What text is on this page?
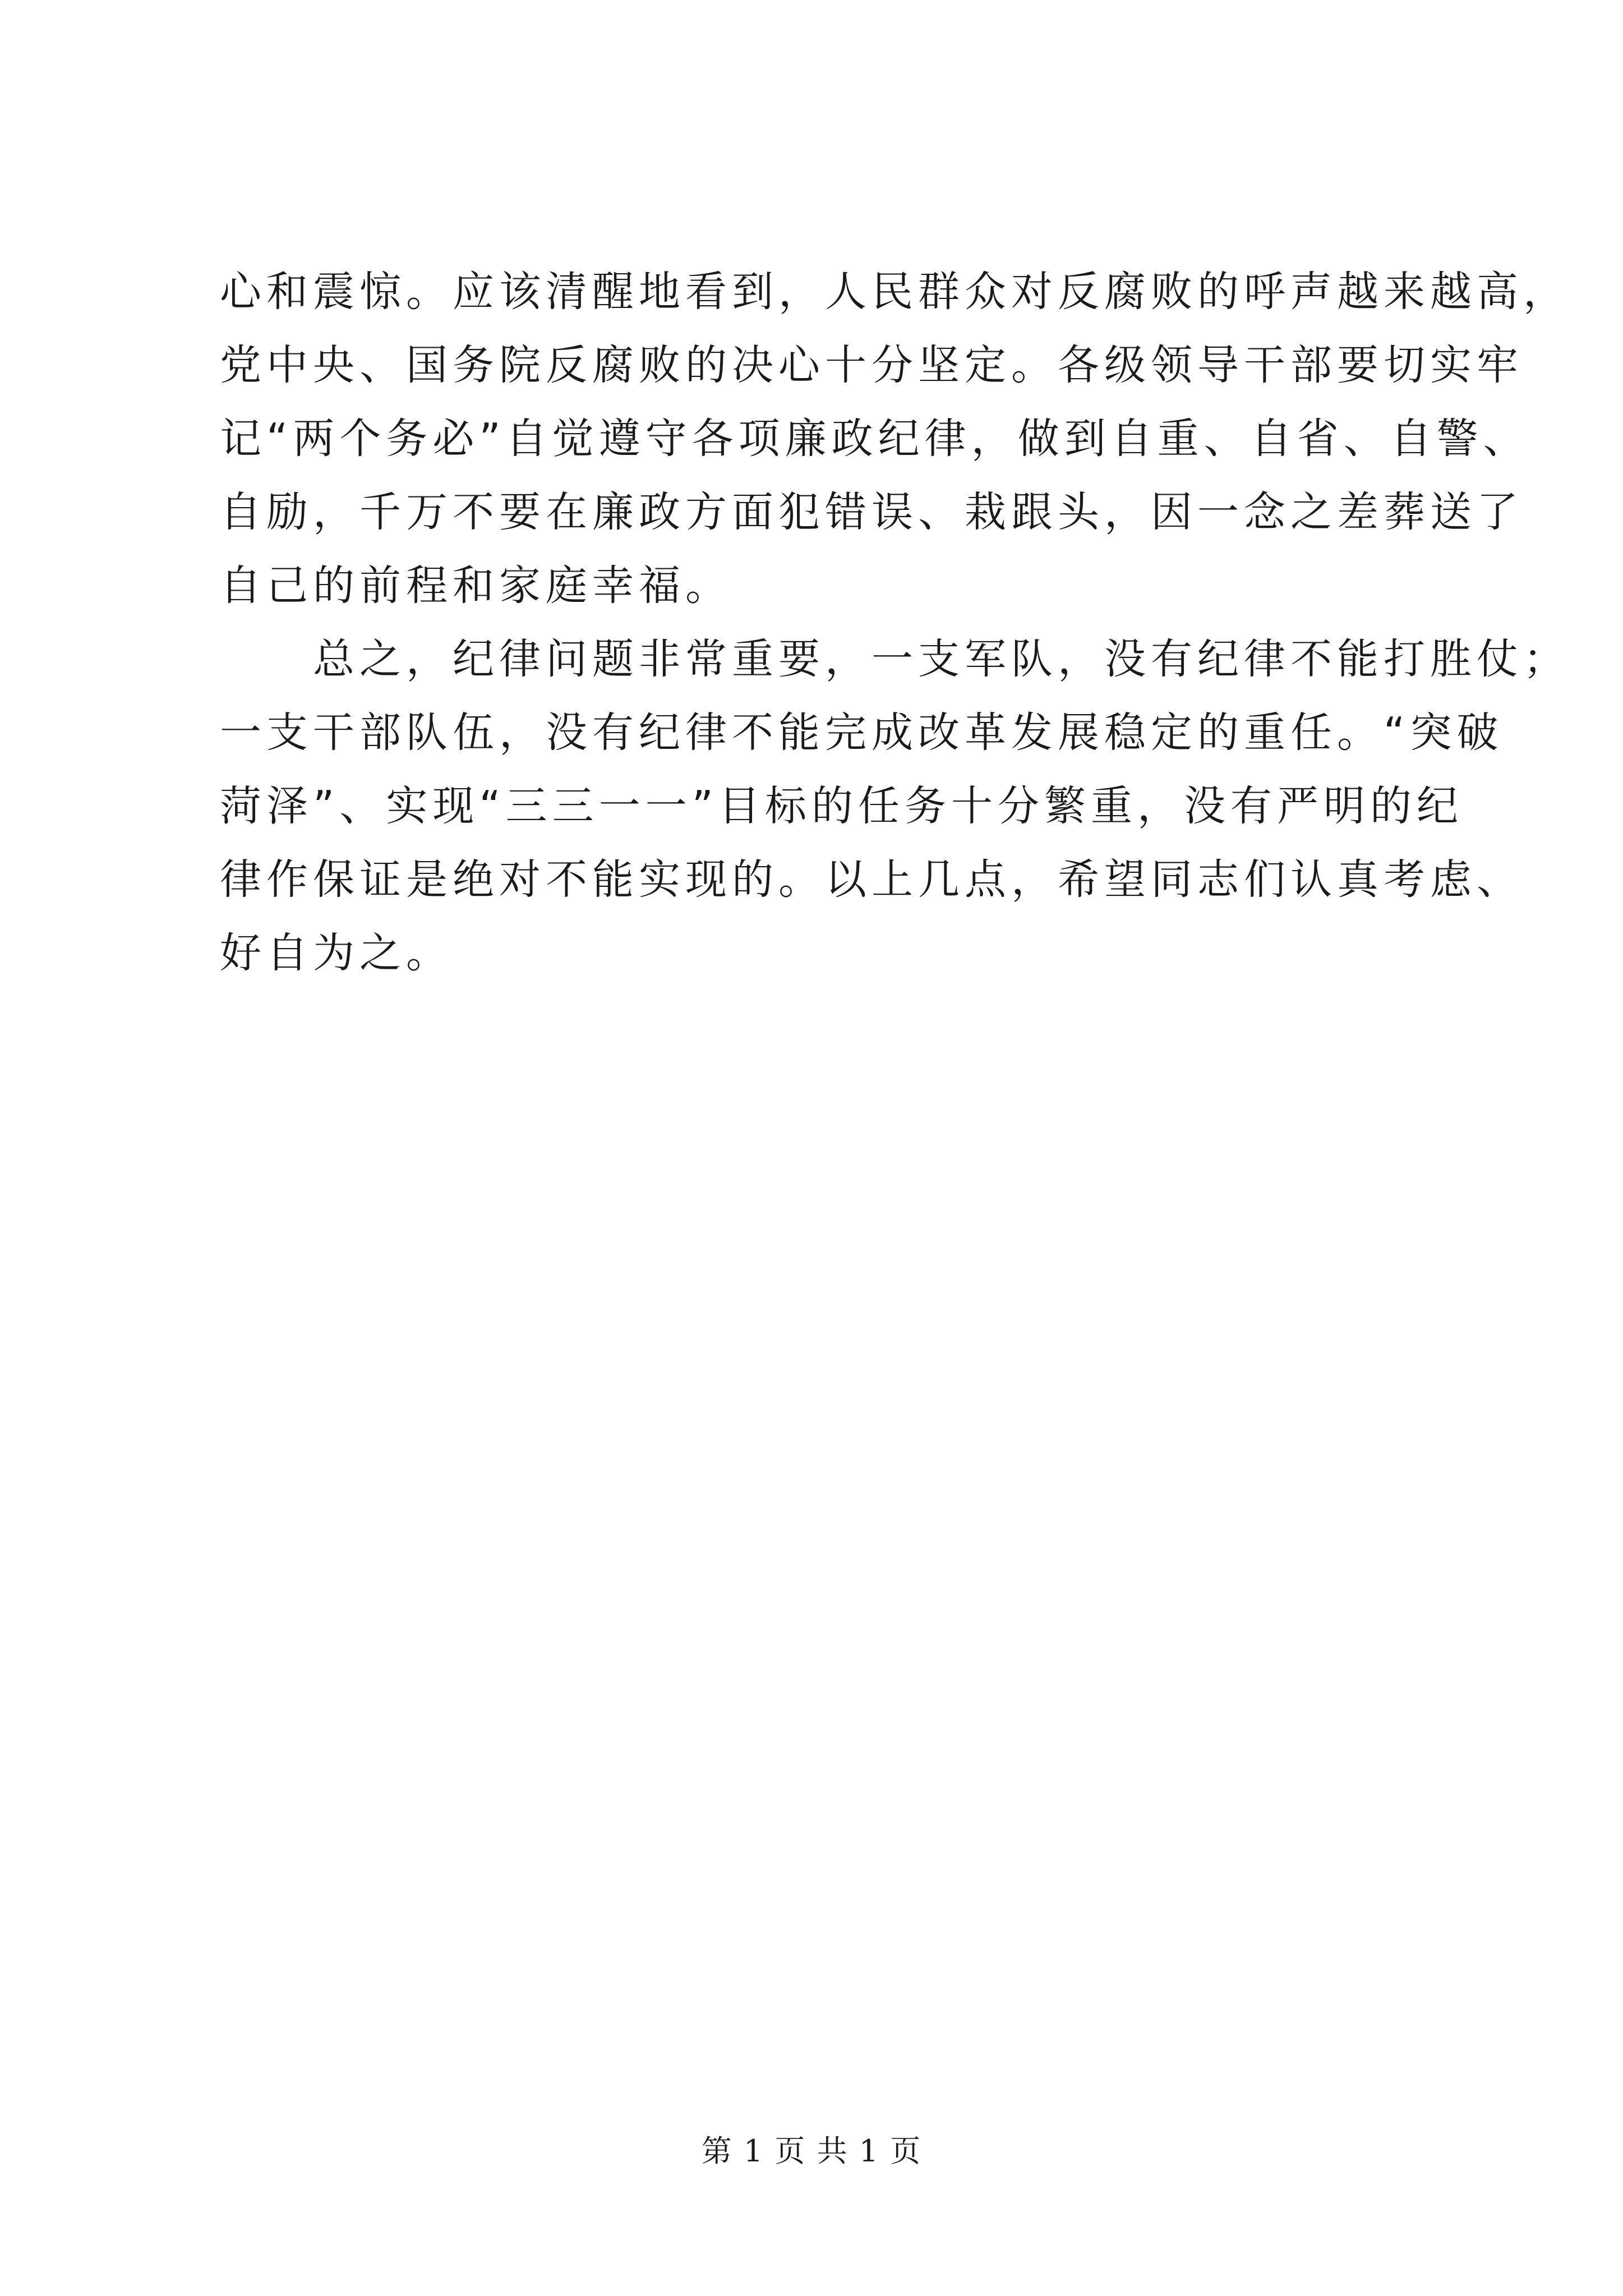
心和震惊。应该清醒地看到，人民群众对反腐败的呼声越来越高，
党中央、国务院反腐败的决心十分坚定。各级领导干部要切实牢
记“两个务必”自觉遵守各项廉政纪律，做到自重、自省、自警、
自励，千万不要在廉政方面犯错误、栽跟头，因一念之差葬送了
自己的前程和家庭幸福。
　　总之，纪律问题非常重要，一支军队，没有纪律不能打胜仗；
一支干部队伍，没有纪律不能完成改革发展稳定的重任。“突破
菏泽”、实现“三三一一”目标的任务十分繁重，没有严明的纪
律作保证是绝对不能实现的。以上几点，希望同志们认真考虑、
好自为之。
第 1 页 共 1 页
